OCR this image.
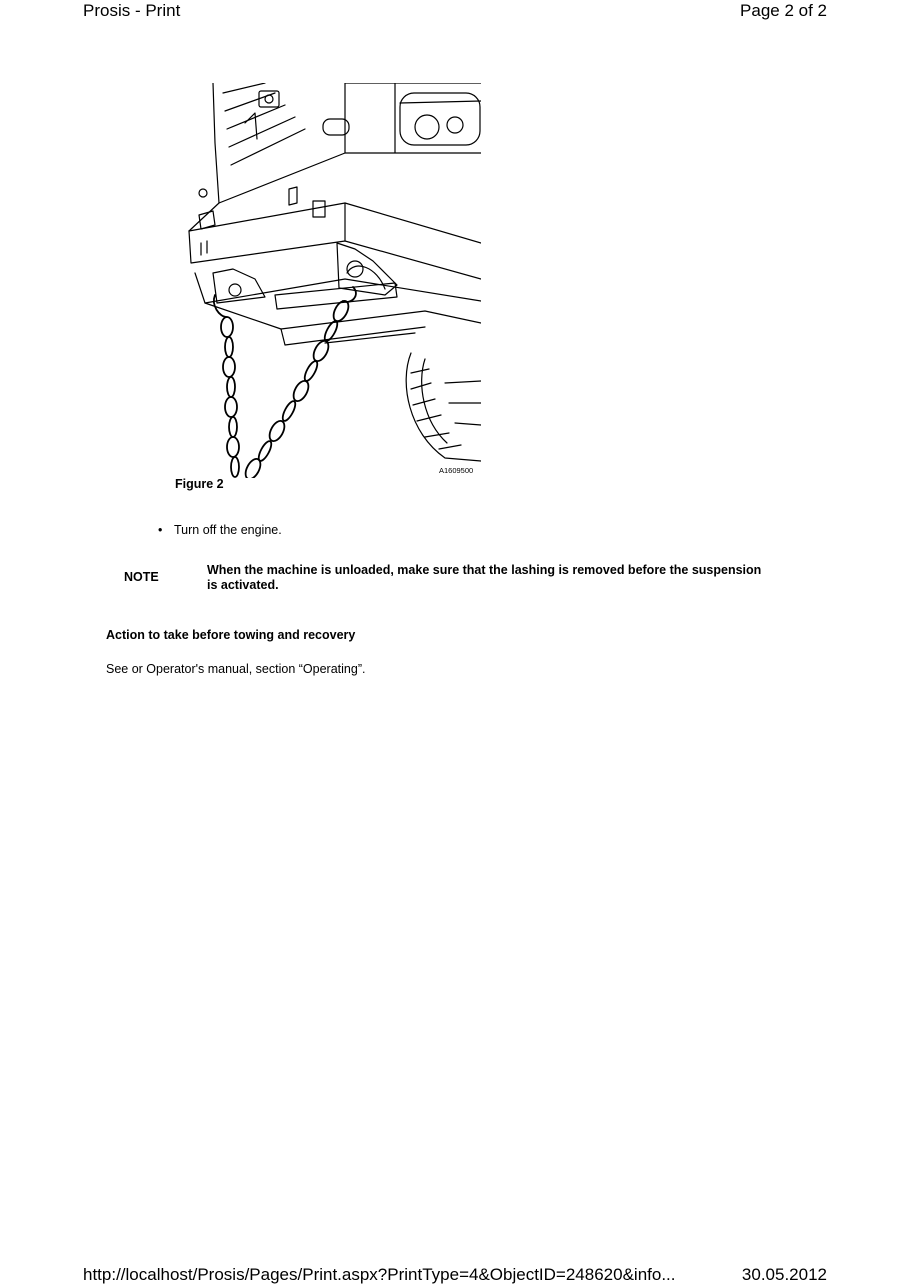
Prosis - Print	Page 2 of 2
A1609500
Figure 2
• Turn off the engine.
NOTE	When the machine is unloaded, make sure that the lashing is removed before the suspension is activated.
Action to take before towing and recovery
See or Operator's manual, section “Operating”.
http://localhost/Prosis/Pages/Print.aspx?PrintType=4&ObjectID=248620&info...	30.05.2012
